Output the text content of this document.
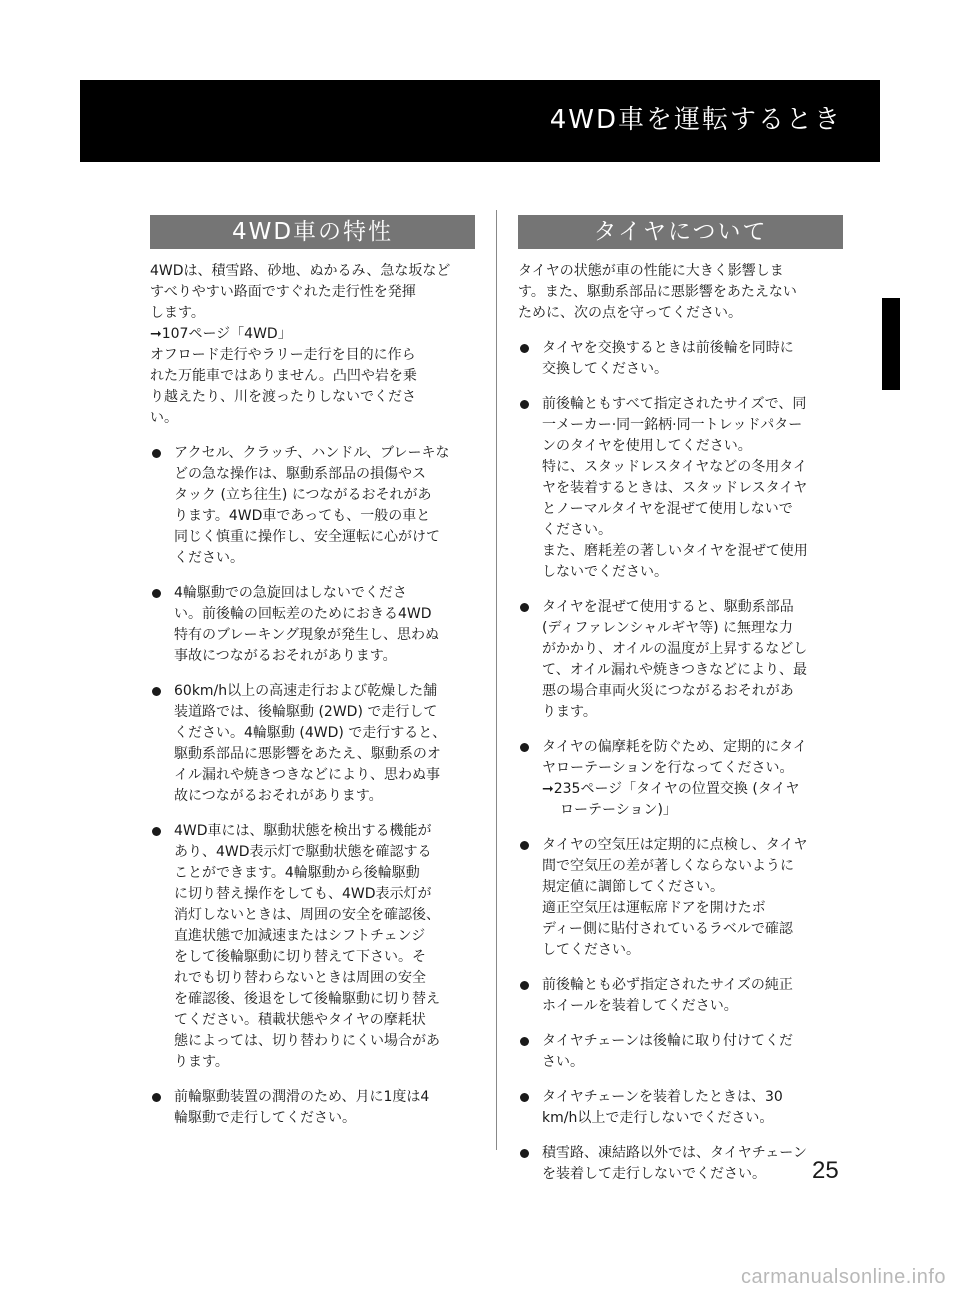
4WD車を運転するとき
4WD車の特性

4WDは、積雪路、砂地、ぬかるみ、急な坂など
すべりやすい路面ですぐれた走行性を発揮
します。
➞107ページ「4WD」
オフロード走行やラリー走行を目的に作ら
れた万能車ではありません。凸凹や岩を乗
り越えたり、川を渡ったりしないでくださ
い。

アクセル、クラッチ、ハンドル、ブレーキな
どの急な操作は、駆動系部品の損傷やス
タック (立ち往生) につながるおそれがあ
ります。4WD車であっても、一般の車と
同じく慎重に操作し、安全運転に心がけて
ください。
4輪駆動での急旋回はしないでくださ
い。前後輪の回転差のためにおきる4WD
特有のブレーキング現象が発生し、思わぬ
事故につながるおそれがあります。
60km/h以上の高速走行および乾燥した舗
装道路では、後輪駆動 (2WD) で走行して
ください。4輪駆動 (4WD) で走行すると、
駆動系部品に悪影響をあたえ、駆動系のオ
イル漏れや焼きつきなどにより、思わぬ事
故につながるおそれがあります。
4WD車には、駆動状態を検出する機能が
あり、4WD表示灯で駆動状態を確認する
ことができます。4輪駆動から後輪駆動
に切り替え操作をしても、4WD表示灯が
消灯しないときは、周囲の安全を確認後、
直進状態で加減速またはシフトチェンジ
をして後輪駆動に切り替えて下さい。そ
れでも切り替わらないときは周囲の安全
を確認後、後退をして後輪駆動に切り替え
てください。積載状態やタイヤの摩耗状
態によっては、切り替わりにくい場合があ
ります。
前輪駆動装置の潤滑のため、月に1度は4
輪駆動で走行してください。
タイヤについて

タイヤの状態が車の性能に大きく影響しま
す。また、駆動系部品に悪影響をあたえない
ために、次の点を守ってください。

タイヤを交換するときは前後輪を同時に
交換してください。
前後輪ともすべて指定されたサイズで、同
一メーカー·同一銘柄·同一トレッドパター
ンのタイヤを使用してください。
特に、スタッドレスタイヤなどの冬用タイ
ヤを装着するときは、スタッドレスタイヤ
とノーマルタイヤを混ぜて使用しないで
ください。
また、磨耗差の著しいタイヤを混ぜて使用
しないでください。
タイヤを混ぜて使用すると、駆動系部品
(ディファレンシャルギヤ等) に無理な力
がかかり、オイルの温度が上昇するなどし
て、オイル漏れや焼きつきなどにより、最
悪の場合車両火災につながるおそれがあ
ります。
タイヤの偏摩耗を防ぐため、定期的にタイ
ヤローテーションを行なってください。
➞235ページ「タイヤの位置交換 (タイヤ
ローテーション)」
タイヤの空気圧は定期的に点検し、タイヤ
間で空気圧の差が著しくならないように
規定値に調節してください。
適正空気圧は運転席ドアを開けたボ
ディー側に貼付されているラベルで確認
してください。
前後輪とも必ず指定されたサイズの純正
ホイールを装着してください。
タイヤチェーンは後輪に取り付けてくだ
さい。
タイヤチェーンを装着したときは、30
km/h以上で走行しないでください。
積雪路、凍結路以外では、タイヤチェーン
を装着して走行しないでください。	25
carmanualsonline.info
